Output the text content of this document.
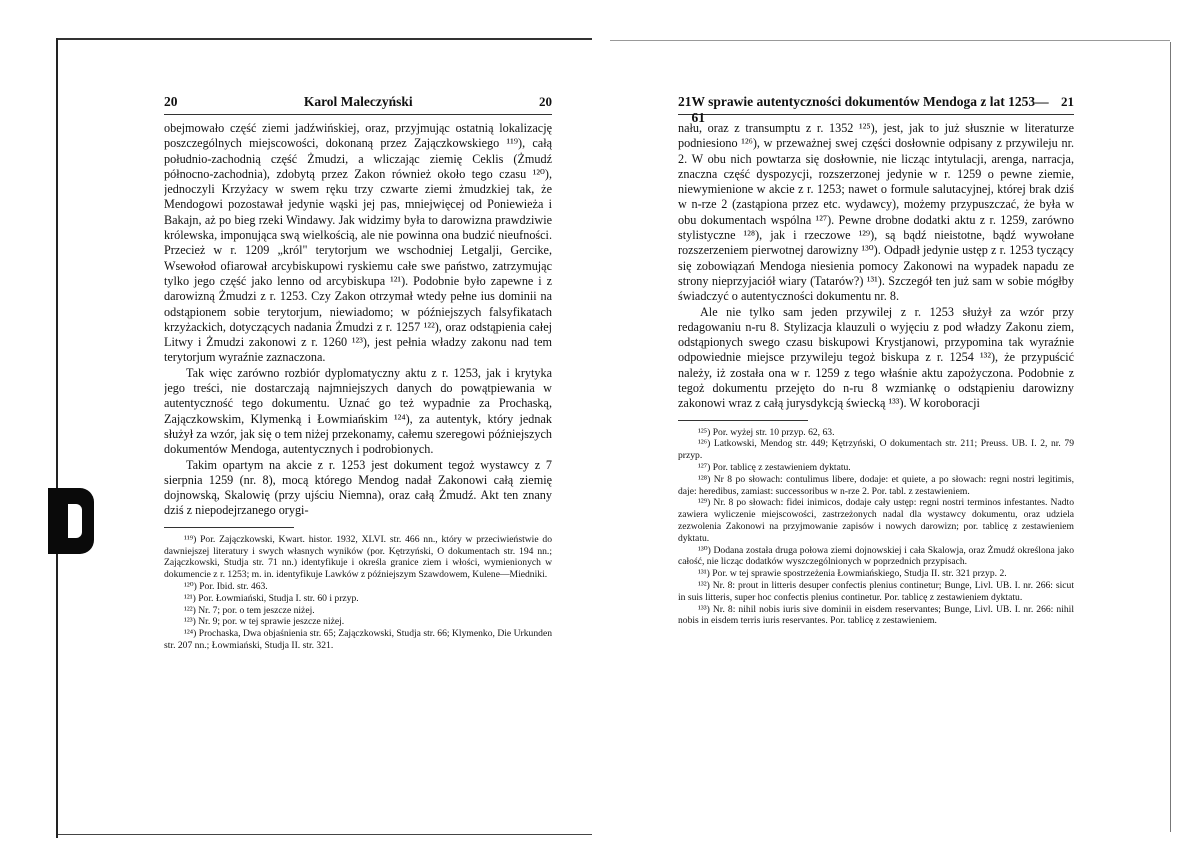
20	Karol Maleczyński	20

obejmowało część ziemi jadźwińskiej, oraz, przyjmując ostatnią lokalizację poszczególnych miejscowości, dokonaną przez Zajączkowskiego ¹¹⁹), całą południo-zachodnią część Żmudzi, a wliczając ziemię Ceklis (Żmudź północno-zachodnia), zdobytą przez Zakon również około tego czasu ¹²⁰), jednoczyli Krzyżacy w swem ręku trzy czwarte ziemi żmudzkiej tak, że Mendogowi pozostawał jedynie wąski jej pas, mniejwięcej od Poniewieża i Bakajn, aż po bieg rzeki Windawy. Jak widzimy była to darowizna prawdziwie królewska, imponująca swą wielkością, ale nie powinna ona budzić nieufności. Przecież w r. 1209 „król" terytorjum we wschodniej Letgalji, Gercike, Wsewołod ofiarował arcybiskupowi ryskiemu całe swe państwo, zatrzymując tylko jego część jako lenno od arcybiskupa ¹²¹). Podobnie było zapewne i z darowizną Żmudzi z r. 1253. Czy Zakon otrzymał wtedy pełne ius dominii na odstąpionem sobie terytorjum, niewiadomo; w późniejszych falsyfikatach krzyżackich, dotyczących nadania Żmudzi z r. 1257 ¹²²), oraz odstąpienia całej Litwy i Żmudzi zakonowi z r. 1260 ¹²³), jest pełnia władzy zakonu nad tem terytorjum wyraźnie zaznaczona.

Tak więc zarówno rozbiór dyplomatyczny aktu z r. 1253, jak i krytyka jego treści, nie dostarczają najmniejszych danych do powątpiewania w autentyczność tego dokumentu. Uznać go też wypadnie za Prochaską, Zajączkowskim, Klymenką i Łowmiańskim ¹²⁴), za autentyk, który jednak służył za wzór, jak się o tem niżej przekonamy, całemu szeregowi późniejszych dokumentów Mendoga, autentycznych i podrobionych.

Takim opartym na akcie z r. 1253 jest dokument tegoż wystawcy z 7 sierpnia 1259 (nr. 8), mocą którego Mendog nadał Zakonowi całą ziemię dojnowską, Skalowię (przy ujściu Niemna), oraz całą Żmudź. Akt ten znany dziś z niepodejrzanego orygi-

¹¹⁹) Por. Zajączkowski, Kwart. histor. 1932, XLVI. str. 466 nn., który w przeciwieństwie do dawniejszej literatury i swych własnych wyników (por. Kętrzyński, O dokumentach str. 194 nn.; Zajączkowski, Studja str. 71 nn.) identyfikuje i określa granice ziem i włości, wymienionych w dokumencie z r. 1253; m. in. identyfikuje Lawków z późniejszym Szawdowem, Kulene—Miedniki.

¹²⁰) Por. Ibid. str. 463.

¹²¹) Por. Łowmiański, Studja I. str. 60 i przyp.

¹²²) Nr. 7; por. o tem jeszcze niżej.

¹²³) Nr. 9; por. w tej sprawie jeszcze niżej.

¹²⁴) Prochaska, Dwa objaśnienia str. 65; Zajączkowski, Studja str. 66; Klymenko, Die Urkunden str. 207 nn.; Łowmiański, Studja II. str. 321.

21 W sprawie autentyczności dokumentów Mendoga z lat 1253—61
21

nału, oraz z transumptu z r. 1352 ¹²⁵), jest, jak to już słusznie w literaturze podniesiono ¹²⁶), w przeważnej swej części dosłownie odpisany z przywileju nr. 2. W obu nich powtarza się dosłownie, nie licząc intytulacji, arenga, narracja, znaczna część dyspozycji, rozszerzonej jedynie w r. 1259 o pewne ziemie, niewymienione w akcie z r. 1253; nawet o formule salutacyjnej, której brak dziś w n-rze 2 (zastąpiona przez etc. wydawcy), możemy przypuszczać, że była w obu dokumentach wspólna ¹²⁷). Pewne drobne dodatki aktu z r. 1259, zarówno stylistyczne ¹²⁸), jak i rzeczowe ¹²⁹), są bądź nieistotne, bądź wywołane rozszerzeniem pierwotnej darowizny ¹³⁰). Odpadł jedynie ustęp z r. 1253 tyczący się zobowiązań Mendoga niesienia pomocy Zakonowi na wypadek napadu ze strony nieprzyjaciół wiary (Tatarów?) ¹³¹). Szczegół ten już sam w sobie mógłby świadczyć o autentyczności dokumentu nr. 8.

Ale nie tylko sam jeden przywilej z r. 1253 służył za wzór przy redagowaniu n-ru 8. Stylizacja klauzuli o wyjęciu z pod władzy Zakonu ziem, odstąpionych swego czasu biskupowi Krystjanowi, przypomina tak wyraźnie odpowiednie miejsce przywileju tegoż biskupa z r. 1254 ¹³²), że przypuścić należy, iż została ona w r. 1259 z tego właśnie aktu zapożyczona. Podobnie z tegoż dokumentu przejęto do n-ru 8 wzmiankę o odstąpieniu darowizny zakonowi wraz z całą jurysdykcją świecką ¹³³). W koroboracji

¹²⁵) Por. wyżej str. 10 przyp. 62, 63.

¹²⁶) Latkowski, Mendog str. 449; Kętrzyński, O dokumentach str. 211; Preuss. UB. I. 2, nr. 79 przyp.

¹²⁷) Por. tablicę z zestawieniem dyktatu.

¹²⁸) Nr 8 po słowach: contulimus libere, dodaje: et quiete, a po słowach: regni nostri legitimis, daje: heredibus, zamiast: successoribus w n-rze 2. Por. tabl. z zestawieniem.

¹²⁹) Nr. 8 po słowach: fidei inimicos, dodaje cały ustęp: regni nostri terminos infestantes. Nadto zawiera wyliczenie miejscowości, zastrzeżonych nadal dla wystawcy dokumentu, oraz udziela zezwolenia Zakonowi na przyjmowanie zapisów i nowych darowizn; por. tablicę z zestawieniem dyktatu.

¹³⁰) Dodana została druga połowa ziemi dojnowskiej i cała Skalowja, oraz Żmudź określona jako całość, nie licząc dodatków wyszczególnionych w poprzednich przypisach.

¹³¹) Por. w tej sprawie spostrzeżenia Łowmiańskiego, Studja II. str. 321 przyp. 2.

¹³²) Nr. 8: prout in litteris desuper confectis plenius continetur; Bunge, Livl. UB. I. nr. 266: sicut in suis litteris, super hoc confectis plenius continetur. Por. tablicę z zestawieniem dyktatu.

¹³³) Nr. 8: nihil nobis iuris sive dominii in eisdem reservantes; Bunge, Livl. UB. I. nr. 266: nihil nobis in eisdem terris iuris reservantes. Por. tablicę z zestawieniem.
